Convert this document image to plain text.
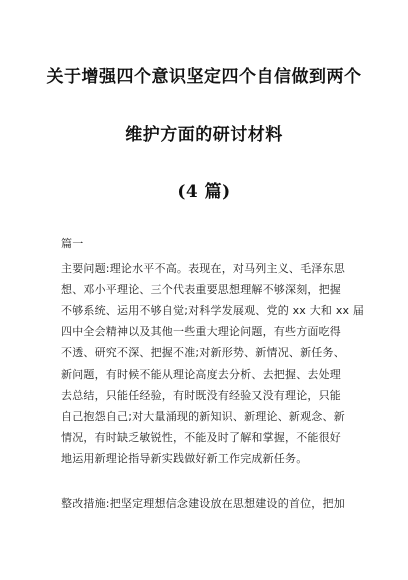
关于增强四个意识坚定四个自信做到两个
维护方面的研讨材料
(4 篇)
篇一
主要问题:理论水平不高。表现在，对马列主义、毛泽东思
想、邓小平理论、三个代表重要思想理解不够深刻，把握
不够系统、运用不够自觉;对科学发展观、党的 xx 大和 xx 届
四中全会精神以及其他一些重大理论问题，有些方面吃得
不透、研究不深、把握不准;对新形势、新情况、新任务、
新问题，有时候不能从理论高度去分析、去把握、去处理
去总结，只能任经验，有时既没有经验又没有理论，只能
自己抱怨自己;对大量涌现的新知识、新理论、新观念、新
情况，有时缺乏敏锐性，不能及时了解和掌握，不能很好
地运用新理论指导新实践做好新工作完成新任务。
整改措施:把坚定理想信念建设放在思想建设的首位，把加
